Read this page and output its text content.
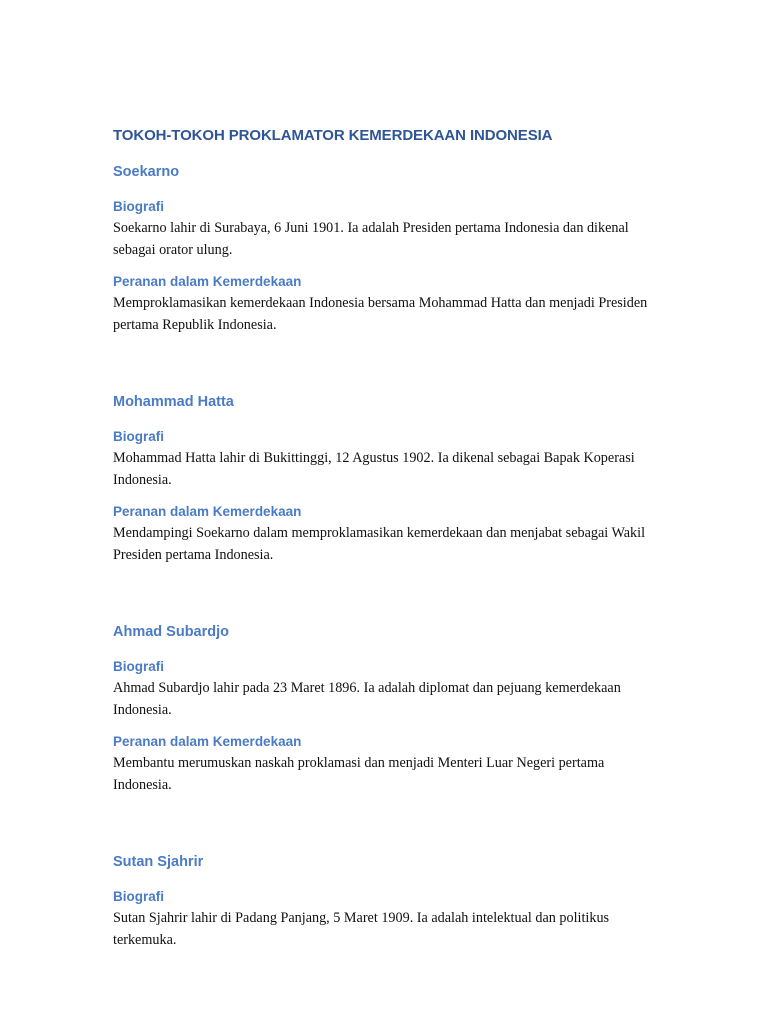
TOKOH-TOKOH PROKLAMATOR KEMERDEKAAN INDONESIA
Soekarno
Biografi

Soekarno lahir di Surabaya, 6 Juni 1901. Ia adalah Presiden pertama Indonesia dan dikenal sebagai orator ulung.

Peranan dalam Kemerdekaan

Memproklamasikan kemerdekaan Indonesia bersama Mohammad Hatta dan menjadi Presiden pertama Republik Indonesia.

Mohammad Hatta
Biografi

Mohammad Hatta lahir di Bukittinggi, 12 Agustus 1902. Ia dikenal sebagai Bapak Koperasi Indonesia.

Peranan dalam Kemerdekaan

Mendampingi Soekarno dalam memproklamasikan kemerdekaan dan menjabat sebagai Wakil Presiden pertama Indonesia.

Ahmad Subardjo
Biografi

Ahmad Subardjo lahir pada 23 Maret 1896. Ia adalah diplomat dan pejuang kemerdekaan Indonesia.

Peranan dalam Kemerdekaan

Membantu merumuskan naskah proklamasi dan menjadi Menteri Luar Negeri pertama Indonesia.

Sutan Sjahrir
Biografi

Sutan Sjahrir lahir di Padang Panjang, 5 Maret 1909. Ia adalah intelektual dan politikus terkemuka.
